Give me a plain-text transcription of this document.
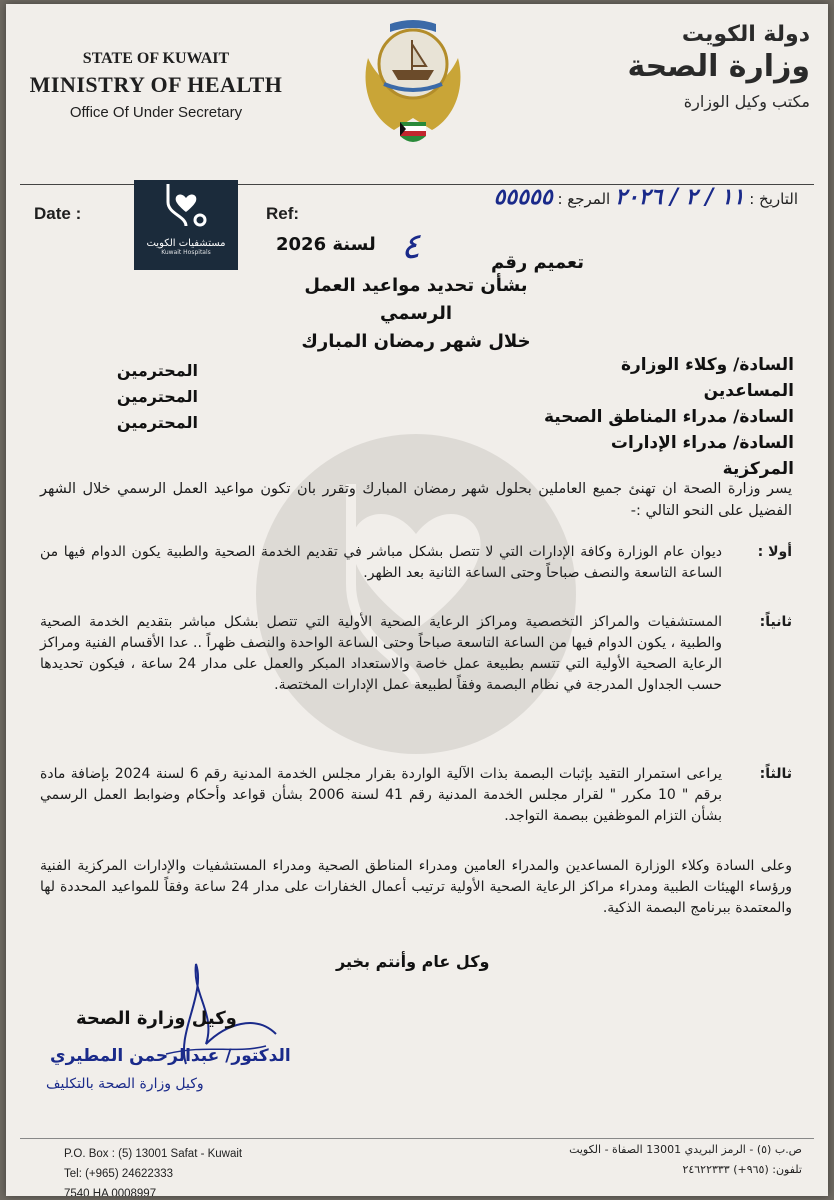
STATE OF KUWAIT
MINISTRY OF HEALTH
Office Of Under Secretary
دولة الكويت
وزارة الصحة
مكتب وكيل الوزارة
Date :	Ref:
التاريخ : ١١ / ٢ / ٢٠٢٦ المرجع : ٥٥٥٥٥
مستشفيات الكويت
Kuwait Hospitals	تعميم رقم
٤
لسنة 2026
بشأن تحديد مواعيد العمل الرسمي
خلال شهر رمضان المبارك
السادة/ وكلاء الوزارة المساعدين
السادة/ مدراء المناطق الصحية
السادة/ مدراء الإدارات المركزية
المحترمين
المحترمين
المحترمين
يسر وزارة الصحة ان تهنئ جميع العاملين بحلول شهر رمضان المبارك وتقرر بان تكون مواعيد العمل الرسمي خلال الشهر الفضيل على النحو التالي :-
أولا :
ديوان عام الوزارة وكافة الإدارات التي لا تتصل بشكل مباشر في تقديم الخدمة الصحية والطبية يكون الدوام فيها من الساعة التاسعة والنصف صباحاً وحتى الساعة الثانية بعد الظهر.
ثانياً:
المستشفيات والمراكز التخصصية ومراكز الرعاية الصحية الأولية التي تتصل بشكل مباشر بتقديم الخدمة الصحية والطبية ، يكون الدوام فيها من الساعة التاسعة صباحاً وحتى الساعة الواحدة والنصف ظهراً .. عدا الأقسام الفنية ومراكز الرعاية الصحية الأولية التي تتسم بطبيعة عمل خاصة والاستعداد المبكر والعمل على مدار 24 ساعة ، فيكون تحديدها حسب الجداول المدرجة في نظام البصمة وفقاً لطبيعة عمل الإدارات المختصة.
ثالثاً:
يراعى استمرار التقيد بإثبات البصمة بذات الآلية الواردة بقرار مجلس الخدمة المدنية رقم 6 لسنة 2024 بإضافة مادة برقم " 10 مكرر " لقرار مجلس الخدمة المدنية رقم 41 لسنة 2006 بشأن قواعد وأحكام وضوابط العمل الرسمي بشأن التزام الموظفين ببصمة التواجد.
وعلى السادة وكلاء الوزارة المساعدين والمدراء العامين ومدراء المناطق الصحية ومدراء المستشفيات والإدارات المركزية الفنية ورؤساء الهيئات الطبية ومدراء مراكز الرعاية الصحية الأولية ترتيب أعمال الخفارات على مدار 24 ساعة وفقاً للمواعيد المحددة لها والمعتمدة ببرنامج البصمة الذكية.
وكل عام وأنتم بخير
وكيل وزارة الصحة
الدكتور/ عبدالرحمن المطيري
وكيل وزارة الصحة بالتكليف
P.O. Box : (5) 13001 Safat - Kuwait
Tel: (+965) 24622333
7540 HA 0008997
ص.ب (٥) - الرمز البريدي 13001 الصفاة - الكويت
تلفون: (٩٦٥+) ٢٤٦٢٢٣٣٣
